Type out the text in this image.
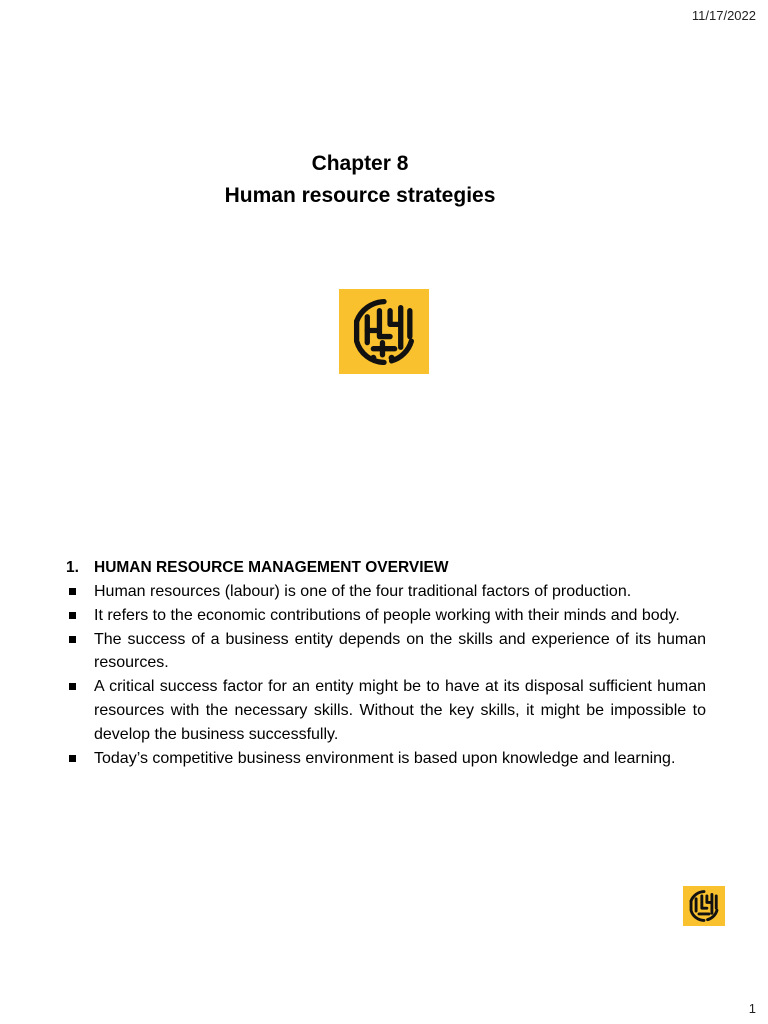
11/17/2022
Chapter 8
Human resource strategies
1. HUMAN RESOURCE MANAGEMENT OVERVIEW
Human resources (labour) is one of the four traditional factors of production.
It refers to the economic contributions of people working with their minds and body.
The success of a business entity depends on the skills and experience of its human resources.
A critical success factor for an entity might be to have at its disposal sufficient human resources with the necessary skills. Without the key skills, it might be impossible to develop the business successfully.
Today’s competitive business environment is based upon knowledge and learning.
1
